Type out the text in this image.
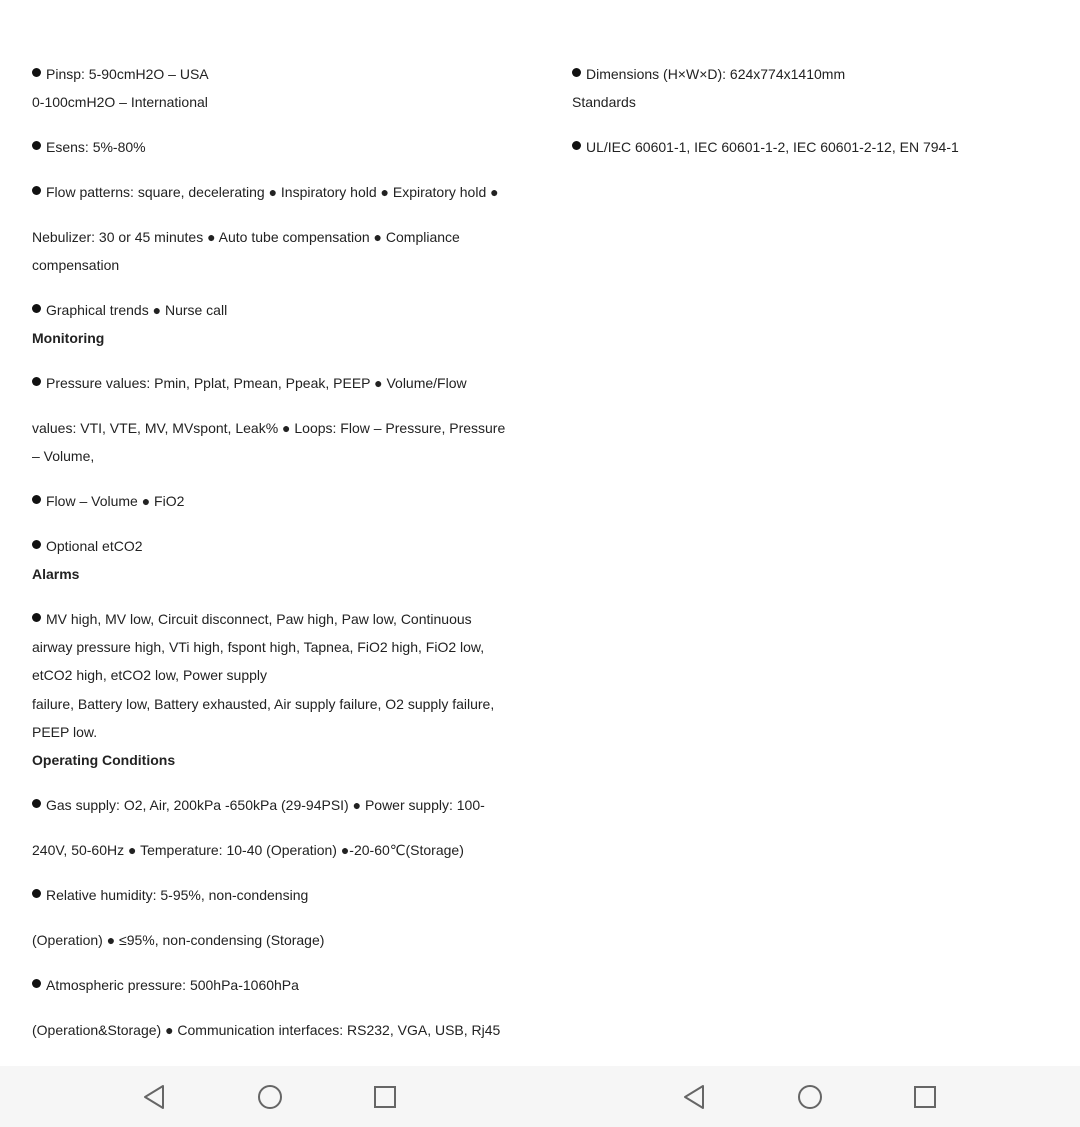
Pinsp: 5-90cmH2O – USA
0-100cmH2O – International
Esens: 5%-80%
Flow patterns: square, decelerating ● Inspiratory hold ● Expiratory hold ●
Nebulizer: 30 or 45 minutes ● Auto tube compensation ● Compliance
compensation
Graphical trends ● Nurse call
Monitoring
Pressure values: Pmin, Pplat, Pmean, Ppeak, PEEP ● Volume/Flow
values: VTI, VTE, MV, MVspont, Leak% ● Loops: Flow – Pressure, Pressure
– Volume,
Flow – Volume ● FiO2
Optional etCO2
Alarms
MV high, MV low, Circuit disconnect, Paw high, Paw low, Continuous
airway pressure high, VTi high, fspont high, Tapnea, FiO2 high, FiO2 low,
etCO2 high, etCO2 low, Power supply
failure, Battery low, Battery exhausted, Air supply failure, O2 supply failure,
PEEP low.
Operating Conditions
Gas supply: O2, Air, 200kPa -650kPa (29-94PSI) ● Power supply: 100-
240V, 50-60Hz ● Temperature: 10-40 (Operation) ●-20-60℃(Storage)
Relative humidity: 5-95%, non-condensing
(Operation) ● ≤95%, non-condensing (Storage)
Atmospheric pressure: 500hPa-1060hPa
(Operation&Storage) ● Communication interfaces: RS232, VGA, USB, Rj45
Dimensions (H×W×D): 624x774x1410mm
Standards
UL/IEC 60601-1, IEC 60601-1-2, IEC 60601-2-12, EN 794-1
